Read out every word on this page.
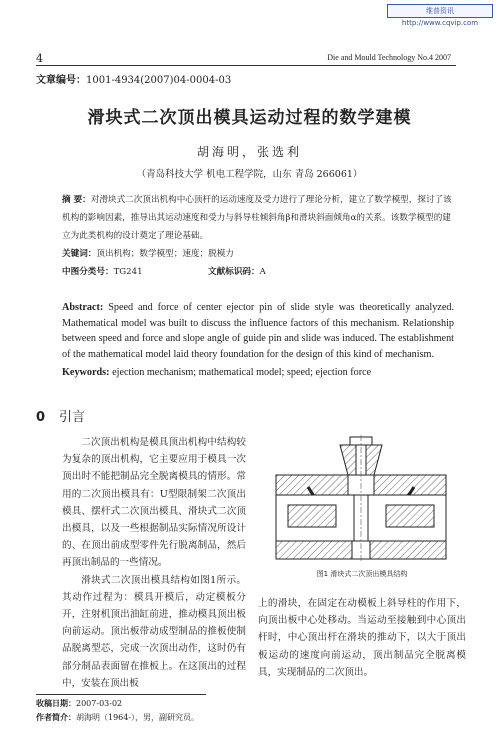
维普资讯 http://www.cqvip.com
4	Die and Mould Technology No.4 2007
文章编号：1001-4934(2007)04-0004-03
滑块式二次顶出模具运动过程的数学建模
胡海明，张选利
（青岛科技大学 机电工程学院，山东 青岛 266061）

摘 要：对滑块式二次顶出机构中心顶杆的运动速度及受力进行了理论分析，建立了数学模型，探讨了该机构的影响因素，推导出其运动速度和受力与斜导柱倾斜角β和滑块斜面倾角α的关系。该数学模型的建立为此类机构的设计奠定了理论基础。

关键词：顶出机构；数学模型；速度；脱模力

中图分类号：TG241	文献标识码：A

Abstract: Speed and force of center ejector pin of slide style was theoretically analyzed. Mathematical model was built to discuss the influence factors of this mechanism. Relationship between speed and force and slope angle of guide pin and slide was induced. The establishment of the mathematical model laid theory foundation for the design of this kind of mechanism.

Keywords: ejection mechanism; mathematical model; speed; ejection force

0 引言

二次顶出机构是模具顶出机构中结构较为复杂的顶出机构，它主要应用于模具一次顶出时不能把制品完全脱离模具的情形。常用的二次顶出模具有：U型限制架二次顶出模具、摆杆式二次顶出模具、滑块式二次顶出模具，以及一些根据制品实际情况所设计的、在顶出前成型零件先行脱离制品，然后再顶出制品的一些情况。

滑块式二次顶出模具结构如图1所示。其动作过程为：模具开模后，动定模板分开，注射机顶出油缸前进，推动模具顶出板向前运动。顶出板带动成型制品的推板使制品脱离型芯，完成一次顶出动作，这时仍有部分制品表面留在推板上。在这顶出的过程中，安装在顶出板

图1 滑块式二次顶出模具结构

上的滑块，在固定在动模板上斜导柱的作用下，向顶出板中心处移动。当运动至接触到中心顶出杆时，中心顶出杆在滑块的推动下，以大于顶出板运动的速度向前运动，顶出制品完全脱离模具，实现制品的二次顶出。

收稿日期：2007-03-02
作者简介：胡海明（1964-），男，副研究员。
